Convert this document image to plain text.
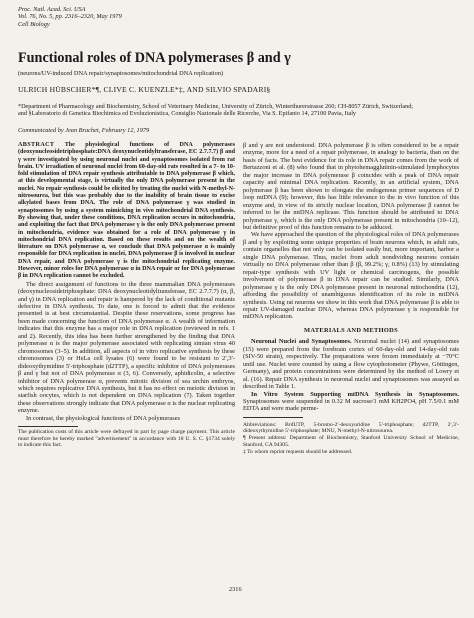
Proc. Natl. Acad. Sci. USA
Vol. 76, No. 5, pp. 2316–2320, May 1979
Cell Biology
Functional roles of DNA polymerases β and γ
(neurons/UV-induced DNA repair/synaptosomes/mitochondrial DNA replication)
ULRICH HÜBSCHER*¶, CLIVE C. KUENZLE*‡, AND SILVIO SPADARI§
*Department of Pharmacology and Biochemistry, School of Veterinary Medicine, University of Zürich, Winterthurerstrasse 260; CH-8057 Zürich, Switzerland;
and §Laboratorio di Genetica Biochimica ed Evoluzionistica, Consiglio Nazionale delle Ricerche, Via S. Epifanio 14, 27100 Pavia, Italy
Communicated by Jean Brachet, February 12, 1979

ABSTRACT The physiological functions of DNA polymerases (deoxynucleosidetriphosphate:DNA deoxynucleotidyltransferase, EC 2.7.7.7) β and γ were investigated by using neuronal nuclei and synaptosomes isolated from rat brain. UV irradiation of neuronal nuclei from 60-day-old rats resulted in a 7- to 10-fold stimulation of DNA repair synthesis attributable to DNA polymerase β which, at this developmental stage, is virtually the only DNA polymerase present in the nuclei. No repair synthesis could be elicited by treating the nuclei with N-methyl-N-nitrosourea, but this was probably due to the inability of brain tissue to excise alkylated bases from DNA. The role of DNA polymerase γ was studied in synaptosomes by using a system mimicking in vivo mitochondrial DNA synthesis. By showing that, under these conditions, DNA replication occurs in mitochondria, and exploiting the fact that DNA polymerase γ is the only DNA polymerase present in mitochondria, evidence was obtained for a role of DNA polymerase γ in mitochondrial DNA replication. Based on these results and on the wealth of literature on DNA polymerase α, we conclude that DNA polymerase α is mainly responsible for DNA replication in nuclei, DNA polymerase β is involved in nuclear DNA repair, and DNA polymerase γ is the mitochondrial replicating enzyme. However, minor roles for DNA polymerase α in DNA repair or for DNA polymerase β in DNA replication cannot be excluded.

The direct assignment of functions to the three mammalian DNA polymerases (deoxynucleosidetriphosphate: DNA deoxynucleotidyltransferase, EC 2.7.7.7) (α, β, and γ) in DNA replication and repair is hampered by the lack of conditional mutants defective in DNA synthesis. To date, one is forced to admit that the evidence presented is at best circumstantial. Despite these reservations, some progress has been made concerning the function of DNA polymerase α. A wealth of information indicates that this enzyme has a major role in DNA replication (reviewed in refs. 1 and 2). Recently, this idea has been further strengthened by the finding that DNA polymerase α is the major polymerase associated with replicating simian virus 40 chromosomes (3–5). In addition, all aspects of in vitro replicative synthesis by these chromosomes (3) or HeLa cell lysates (6) were found to be resistant to 2′,3′-dideoxythymidine 5′-triphosphate (d2TTP), a specific inhibitor of DNA polymerases β and γ but not of DNA polymerase α (3, 6). Conversely, aphidicolin, a selective inhibitor of DNA polymerase α, prevents mitotic division of sea urchin embryos, which requires replicative DNA synthesis, but it has no effect on meiotic division in starfish oocytes, which is not dependent on DNA replication (7). Taken together these observations strongly indicate that DNA polymerase α is the nuclear replicating enzyme.

In contrast, the physiological functions of DNA polymerases

The publication costs of this article were defrayed in part by page charge payment. This article must therefore be hereby marked "advertisement" in accordance with 18 U. S. C. §1734 solely to indicate this fact.

β and γ are not understood. DNA polymerase β is often considered to be a repair enzyme, more for a need of a repair polymerase, in analogy to bacteria, than on the basis of facts. The best evidence for its role in DNA repair comes from the work of Bertazzoni et al. (8) who found that in phytohemagglutinin-stimulated lymphocytes the major increase in DNA polymerase β coincides with a peak of DNA repair capacity and minimal DNA replication. Recently, in an artificial system, DNA polymerase β has been shown to elongate the endogenous primer sequences of D loop mtDNA (9); however, this has little relevance to the in vivo function of this enzyme and, in view of its strictly nuclear location, DNA polymerase β cannot be inferred to be the mtDNA replicase. This function should be attributed to DNA polymerase γ, which is the only DNA polymerase present in mitochondria (10–12), but definitive proof of this function remains to be adduced.

We have approached the question of the physiological roles of DNA polymerases β and γ by exploiting some unique properties of brain neurons which, in adult rats, contain organelles that not only can be isolated easily but, more important, harbor a single DNA polymerase. Thus, nuclei from adult nondividing neurons contain virtually no DNA polymerase other than β (β, 99.2%; γ, 0.8%) (13) by stimulating repair-type synthesis with UV light or chemical carcinogens, the possible involvement of polymerase β in DNA repair can be studied. Similarly, DNA polymerase γ is the only DNA polymerase present in neuronal mitochondria (12), affording the possibility of unambiguous identification of its role in mtDNA synthesis. Using rat neurons we show in this work that DNA polymerase β is able to repair UV-damaged nuclear DNA, whereas DNA polymerase γ is responsible for mtDNA replication.

MATERIALS AND METHODS

Neuronal Nuclei and Synaptosomes. Neuronal nuclei (14) and synaptosomes (15) were prepared from the forebrain cortex of 60-day-old and 14-day-old rats (SIV-50 strain), respectively. The preparations were frozen immediately at −70°C until use. Nuclei were counted by using a flow cytophotometer (Phywe, Göttingen, Germany), and protein concentrations were determined by the method of Lowry et al. (16). Repair DNA synthesis in neuronal nuclei and synaptosomes was assayed as described in Table 1.

In Vitro System Supporting mtDNA Synthesis in Synaptosomes. Synaptosomes were suspended in 0.32 M sucrose/1 mM KH2PO4, pH 7.5/0.1 mM EDTA and were made perme-

Abbreviations: BrdUTP, 5-bromo-2′-deoxyuridine 5′-triphosphate; d2TTP, 2′,3′-dideoxythymidine 5′-triphosphate; MNU, N-methyl-N-nitrosourea.
¶ Present address: Department of Biochemistry, Stanford University School of Medicine, Stanford, CA 94305.
‡ To whom reprint requests should be addressed.
2316
